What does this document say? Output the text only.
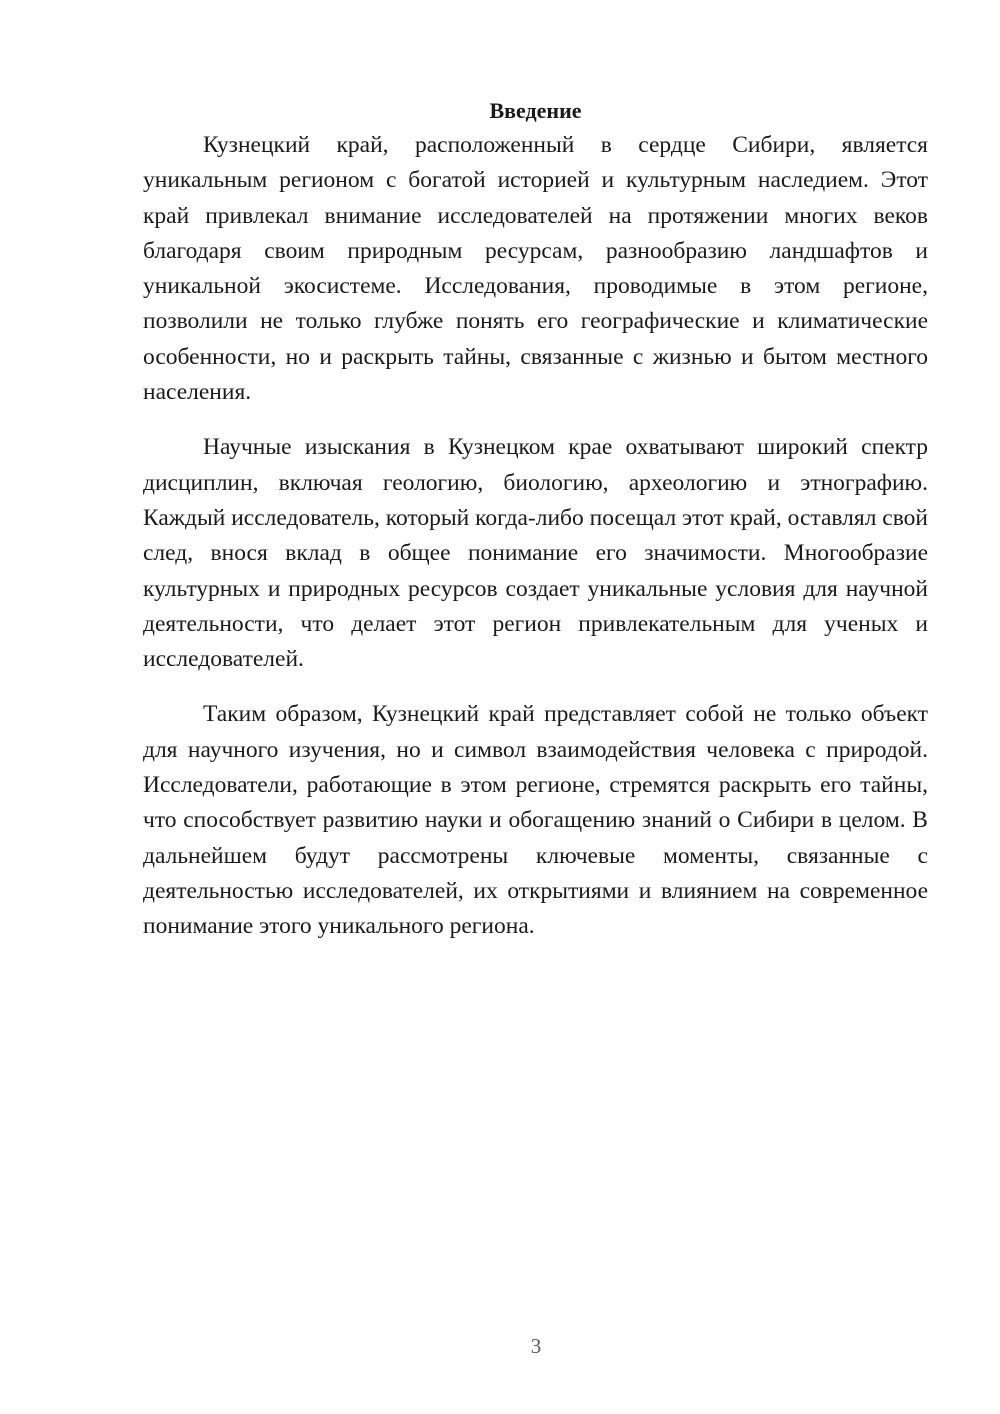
Введение

Кузнецкий край, расположенный в сердце Сибири, является уникальным регионом с богатой историей и культурным наследием. Этот край привлекал внимание исследователей на протяжении многих веков благодаря своим природным ресурсам, разнообразию ландшафтов и уникальной экосистеме. Исследования, проводимые в этом регионе, позволили не только глубже понять его географические и климатические особенности, но и раскрыть тайны, связанные с жизнью и бытом местного населения.

Научные изыскания в Кузнецком крае охватывают широкий спектр дисциплин, включая геологию, биологию, археологию и этнографию. Каждый исследователь, который когда-либо посещал этот край, оставлял свой след, внося вклад в общее понимание его значимости. Многообразие культурных и природных ресурсов создает уникальные условия для научной деятельности, что делает этот регион привлекательным для ученых и исследователей.

Таким образом, Кузнецкий край представляет собой не только объект для научного изучения, но и символ взаимодействия человека с природой. Исследователи, работающие в этом регионе, стремятся раскрыть его тайны, что способствует развитию науки и обогащению знаний о Сибири в целом. В дальнейшем будут рассмотрены ключевые моменты, связанные с деятельностью исследователей, их открытиями и влиянием на современное понимание этого уникального региона.

3
